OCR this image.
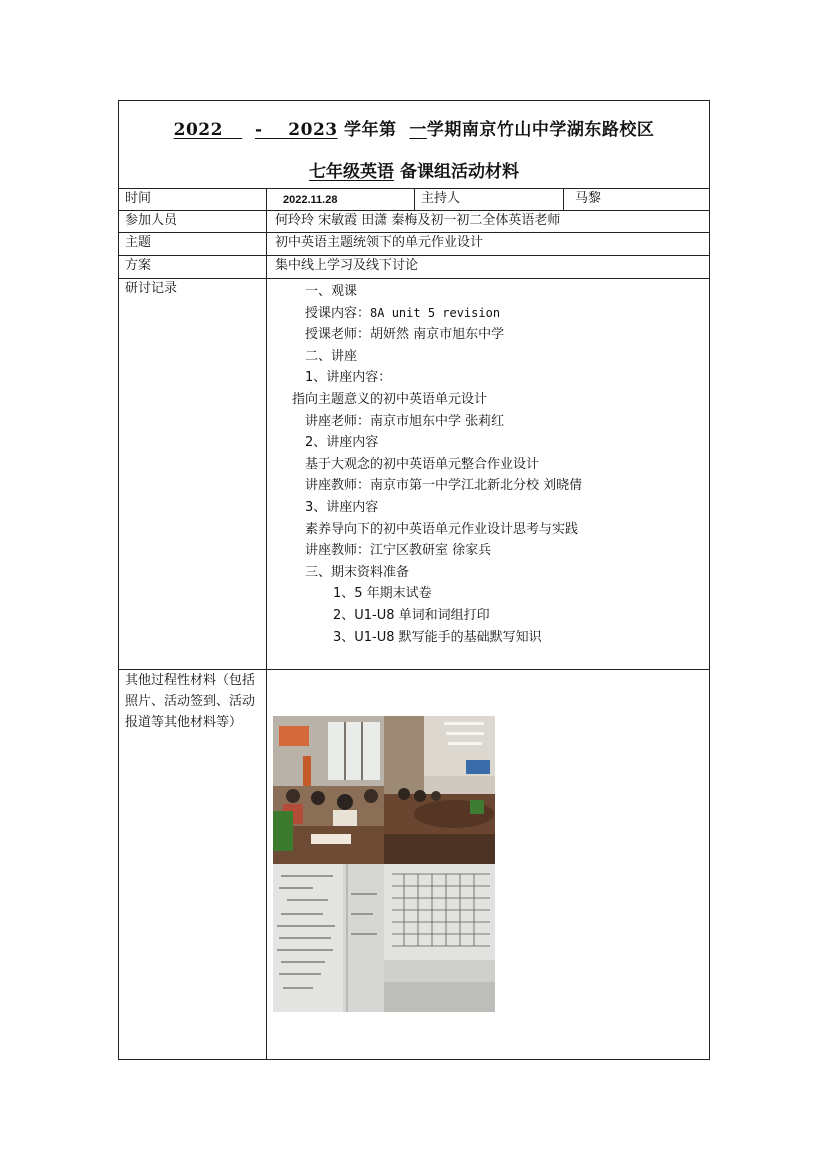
2022 - 2023 学年第 一学期南京竹山中学湖东路校区
七年级英语 备课组活动材料
时间	2022.11.28	主持人	马黎
参加人员	何玲玲 宋敏霞 田潇 秦梅及初一初二全体英语老师
主题	初中英语主题统领下的单元作业设计
方案	集中线上学习及线下讨论
研讨记录	一、观课
授课内容：8A unit 5 revision
授课老师：胡妍然 南京市旭东中学
二、讲座
1、讲座内容：
指向主题意义的初中英语单元设计
讲座老师：南京市旭东中学 张莉红
2、讲座内容
基于大观念的初中英语单元整合作业设计
讲座教师：南京市第一中学江北新北分校 刘晓倩
3、讲座内容
素养导向下的初中英语单元作业设计思考与实践
讲座教师：江宁区教研室 徐家兵
三、期末资料准备
1、5 年期末试卷
2、U1-U8 单词和词组打印
3、U1-U8 默写能手的基础默写知识
其他过程性材料（包括照片、活动签到、活动报道等其他材料等）
